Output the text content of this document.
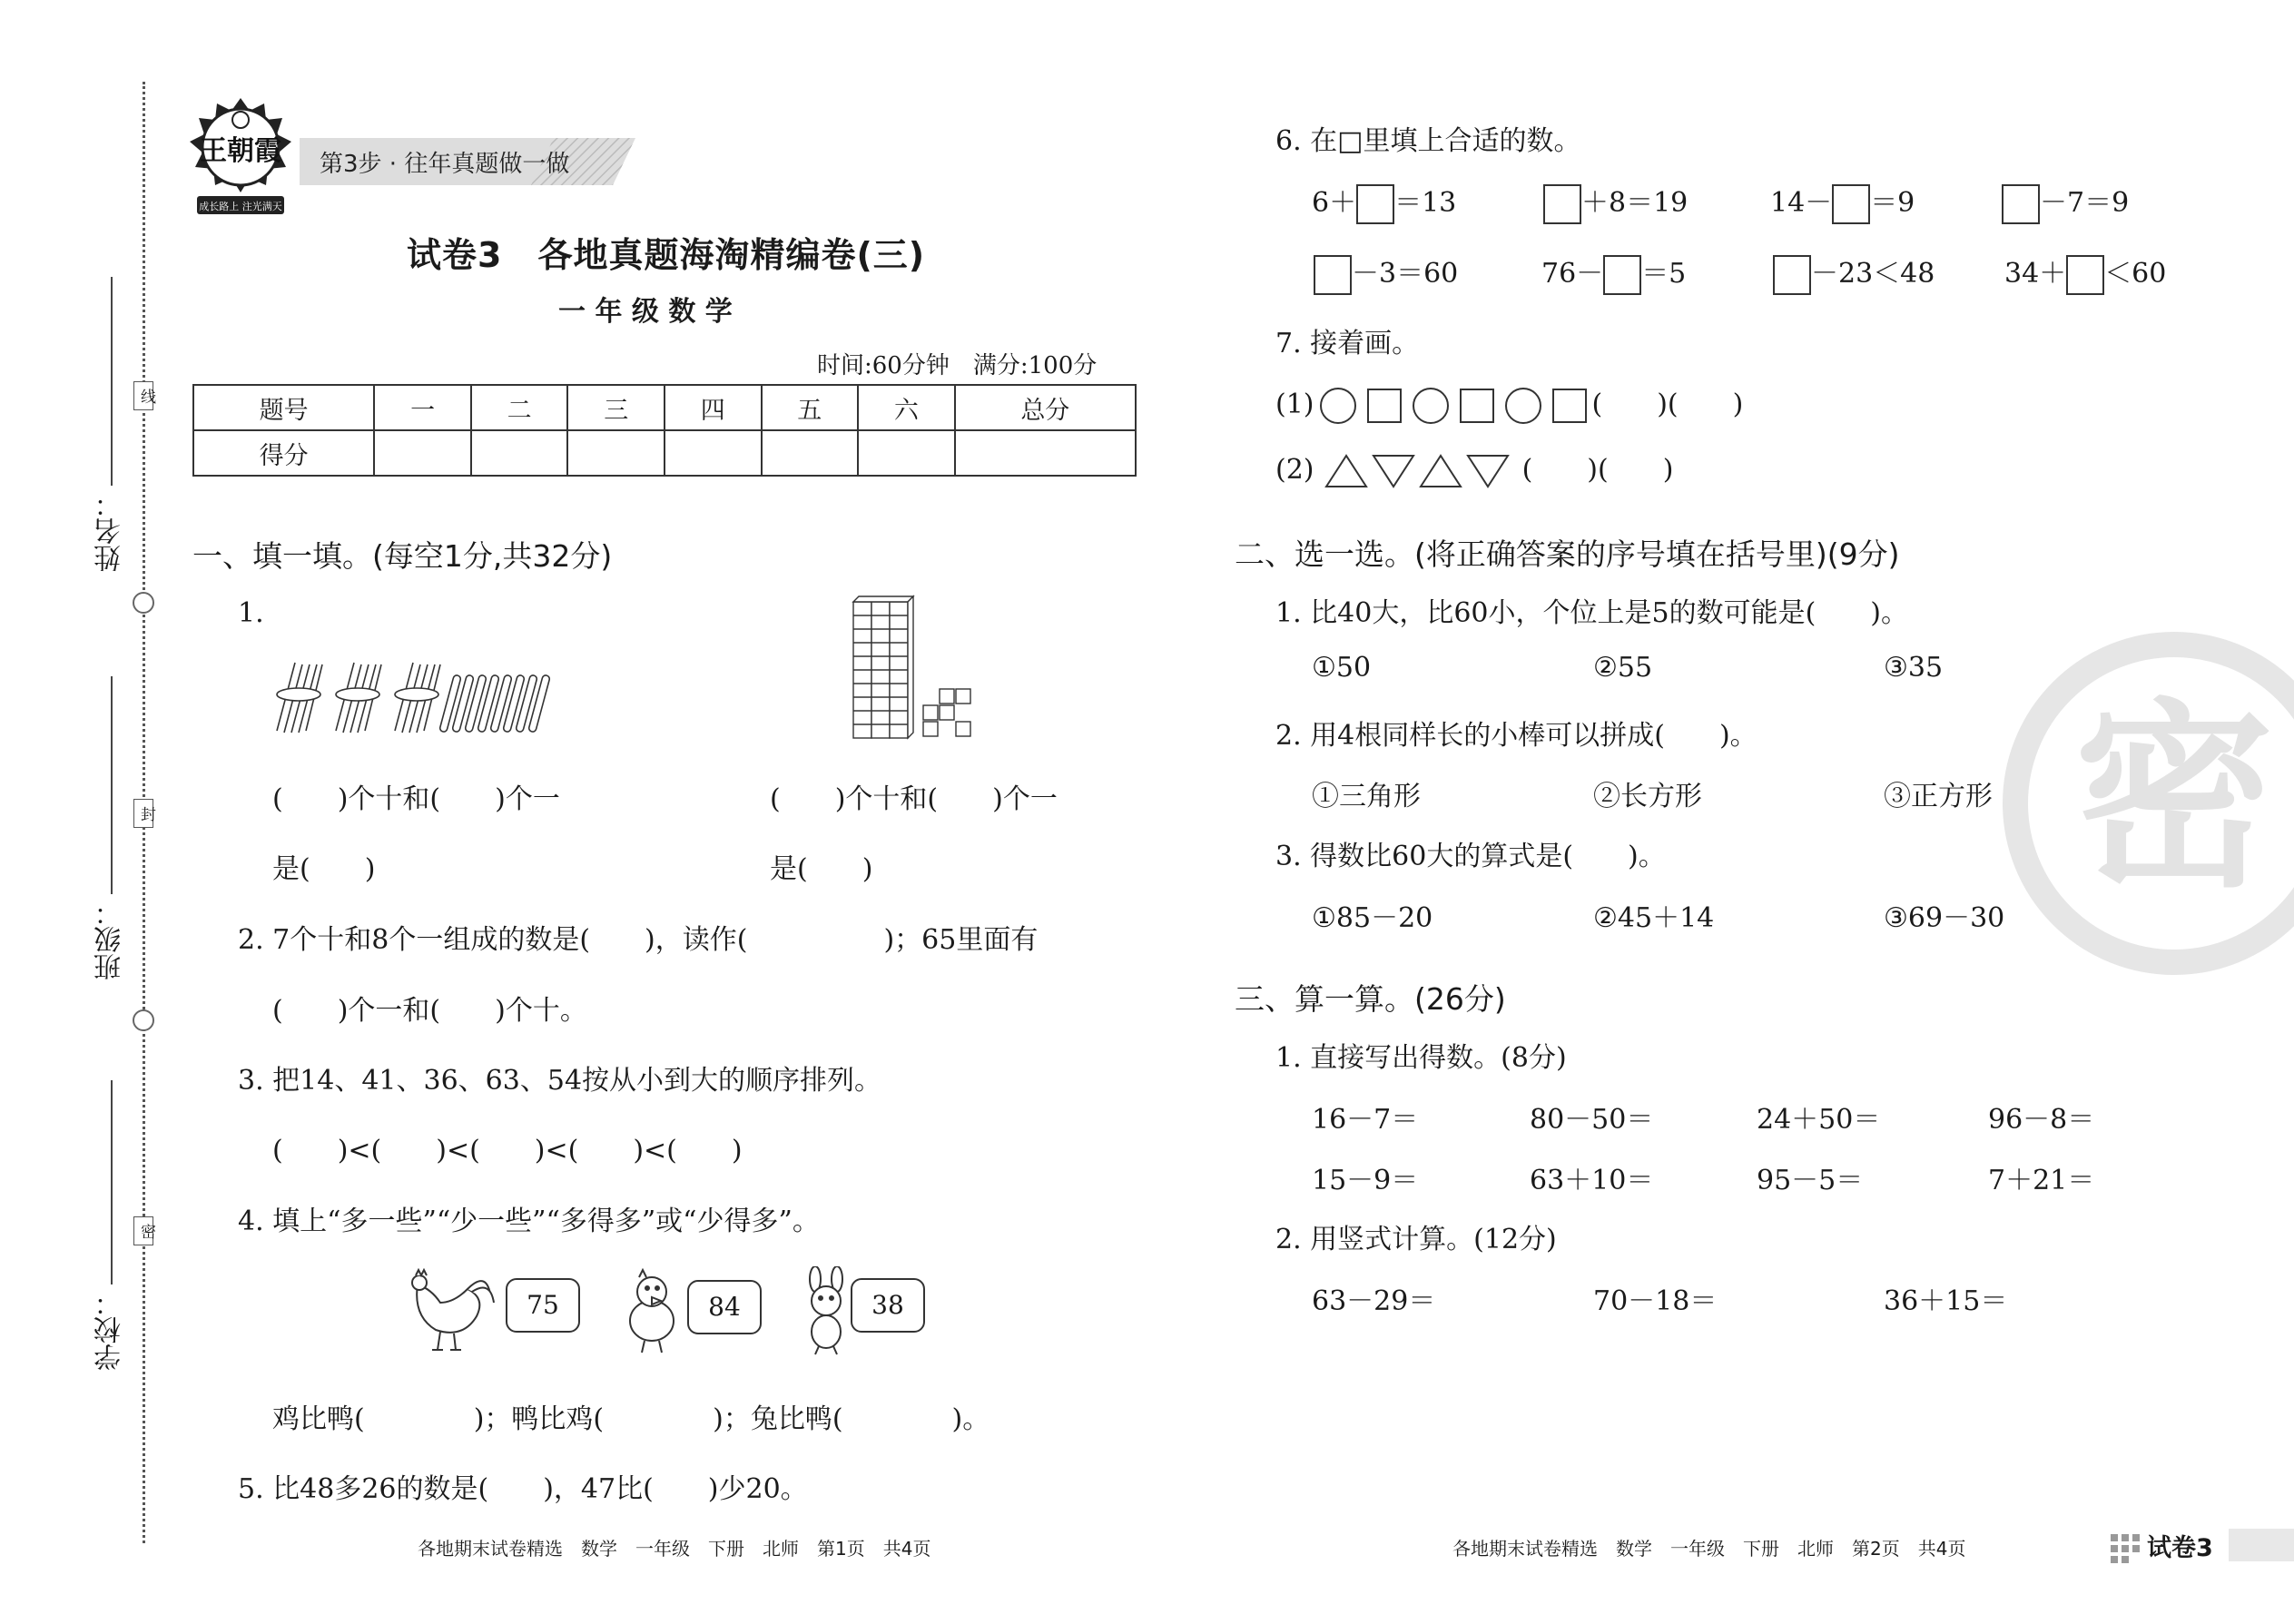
线
封
密
姓名：
班级：
学校：
王朝霞
成长路上 注光满天
第3步 · 往年真题做一做
试卷3　各地真题海淘精编卷(三)
一 年 级 数 学
时间:60分钟　满分:100分
题号	一	二	三	四	五	六	总分
得分							
一、填一填。(每空1分,共32分)
1.
(　　)个十和(　　)个一
是(　　)
(　　)个十和(　　)个一
是(　　)
2. 7个十和8个一组成的数是(　　)，读作(　　　　　)；65里面有
(　　)个一和(　　)个十。
3. 把14、41、36、63、54按从小到大的顺序排列。
(　　)<(　　)<(　　)<(　　)<(　　)
4. 填上“多一些”“少一些”“多得多”或“少得多”。
75	84	38
鸡比鸭(　　　　)；鸭比鸡(　　　　)；兔比鸭(　　　　)。
5. 比48多26的数是(　　)，47比(　　)少20。
6. 在□里填上合适的数。
6＋ ＝13	＋8＝19	14－ ＝9	－7＝9
－3＝60	76－ ＝5	－23＜48	34＋ ＜60
7. 接着画。
(1)	(　　)(　　)
(2)	(　　)(　　)
二、选一选。(将正确答案的序号填在括号里)(9分)
1. 比40大，比60小，个位上是5的数可能是(　　)。
①50	②55	③35
2. 用4根同样长的小棒可以拼成(　　)。
①三角形	②长方形	③正方形
3. 得数比60大的算式是(　　)。
①85－20	②45＋14	③69－30
三、算一算。(26分)
1. 直接写出得数。(8分)
16－7＝	80－50＝	24＋50＝	96－8＝
15－9＝	63＋10＝	95－5＝	7＋21＝
2. 用竖式计算。(12分)
63－29＝	70－18＝	36＋15＝
密
各地期末试卷精选　数学　一年级　下册　北师　第1页　共4页	各地期末试卷精选　数学　一年级　下册　北师　第2页　共4页	试卷3
